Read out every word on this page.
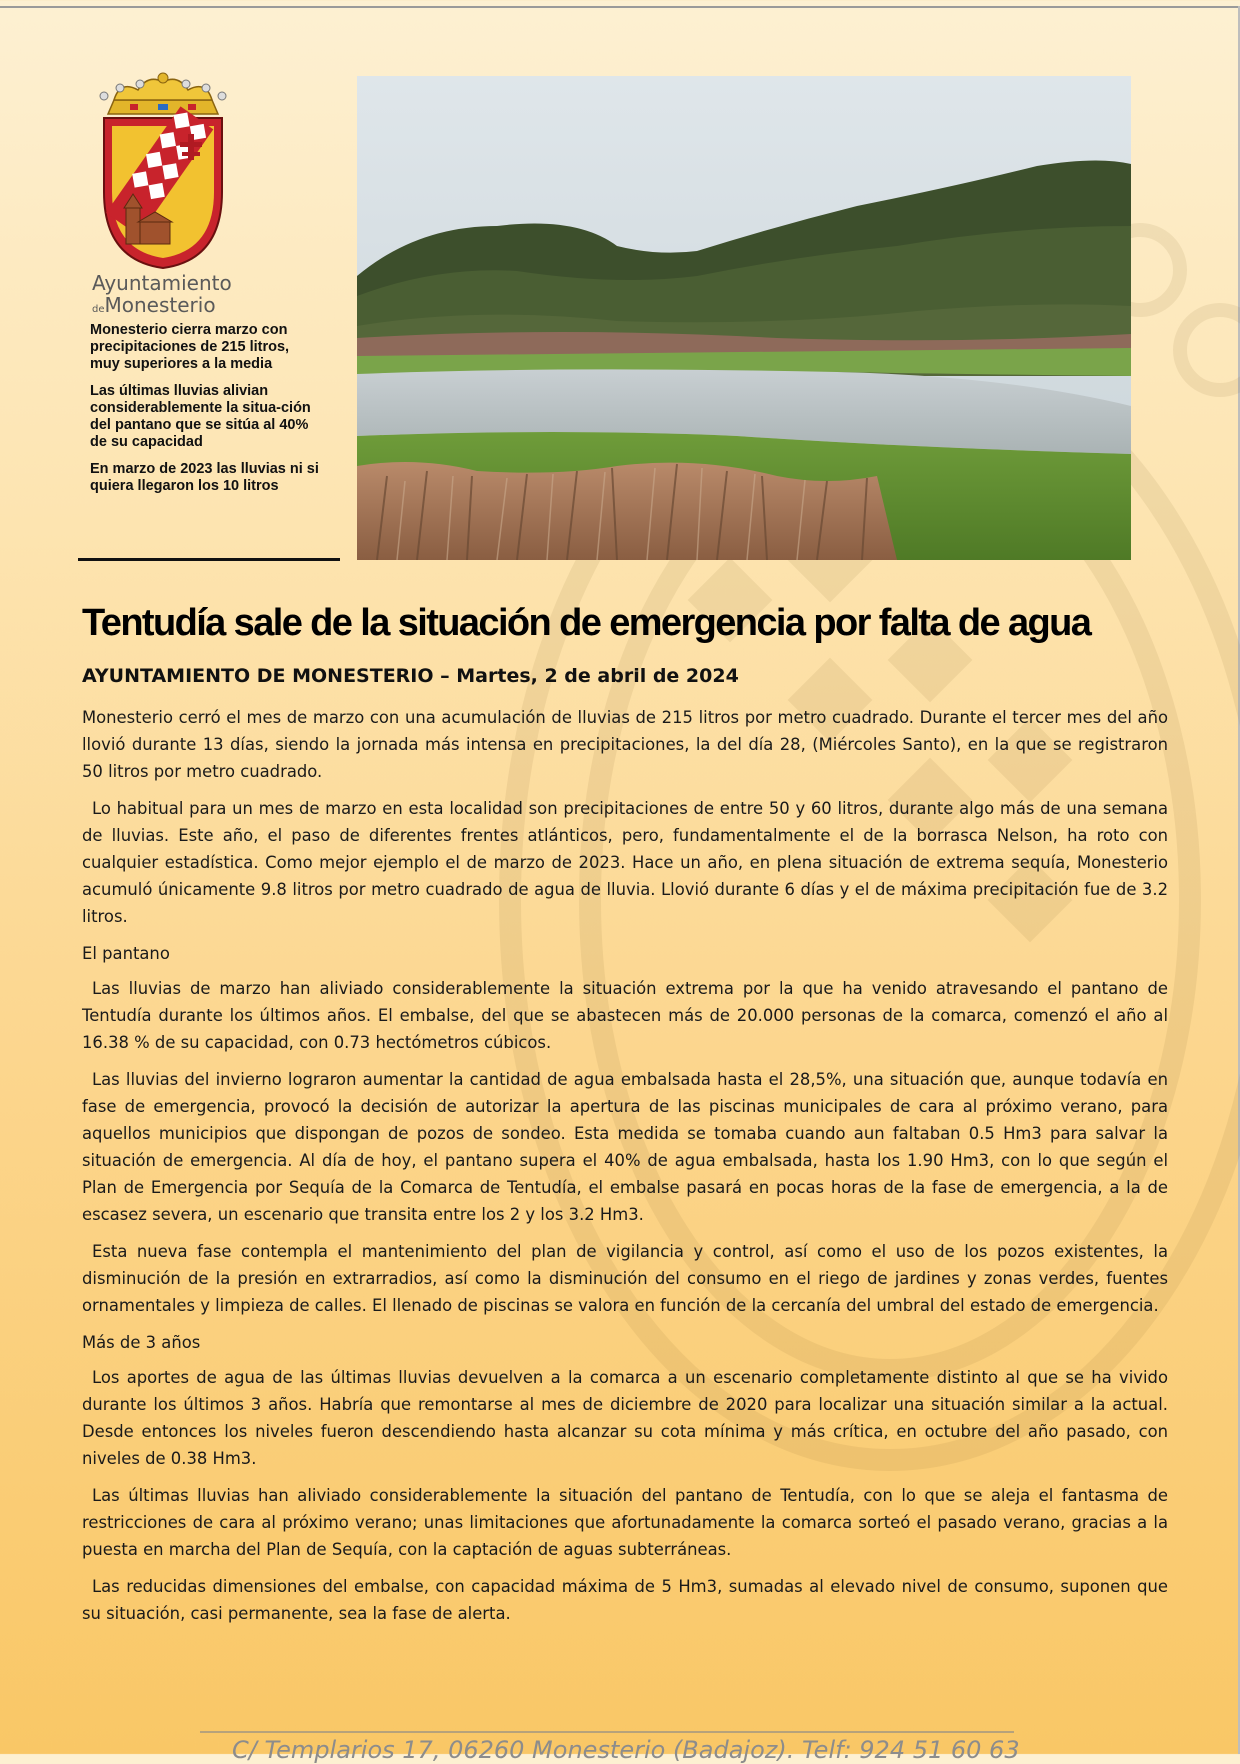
Ayuntamiento
deMonesterio

Monesterio cierra marzo con precipitaciones de 215 litros, muy superiores a la media

Las últimas lluvias alivian considerablemente la situa-ción del pantano que se sitúa al 40% de su capacidad

En marzo de 2023 las lluvias ni si quiera llegaron los 10 litros

Tentudía sale de la situación de emergencia por falta de agua
AYUNTAMIENTO DE MONESTERIO – Martes, 2 de abril de 2024

Monesterio cerró el mes de marzo con una acumulación de lluvias de 215 litros por metro cuadrado. Durante el tercer mes del año llovió durante 13 días, siendo la jornada más intensa en precipitaciones, la del día 28, (Miércoles Santo), en la que se registraron 50 litros por metro cuadrado.

Lo habitual para un mes de marzo en esta localidad son precipitaciones de entre 50 y 60 litros, durante algo más de una semana de lluvias. Este año, el paso de diferentes frentes atlánticos, pero, fundamentalmente el de la borrasca Nelson, ha roto con cualquier estadística. Como mejor ejemplo el de marzo de 2023. Hace un año, en plena situación de extrema sequía, Monesterio acumuló únicamente 9.8 litros por metro cuadrado de agua de lluvia. Llovió durante 6 días y el de máxima precipitación fue de 3.2 litros.

El pantano

Las lluvias de marzo han aliviado considerablemente la situación extrema por la que ha venido atravesando el pantano de Tentudía durante los últimos años. El embalse, del que se abastecen más de 20.000 personas de la comarca, comenzó el año al 16.38 % de su capacidad, con 0.73 hectómetros cúbicos.

Las lluvias del invierno lograron aumentar la cantidad de agua embalsada hasta el 28,5%, una situación que, aunque todavía en fase de emergencia, provocó la decisión de autorizar la apertura de las piscinas municipales de cara al próximo verano, para aquellos municipios que dispongan de pozos de sondeo. Esta medida se tomaba cuando aun faltaban 0.5 Hm3 para salvar la situación de emergencia. Al día de hoy, el pantano supera el 40% de agua embalsada, hasta los 1.90 Hm3, con lo que según el Plan de Emergencia por Sequía de la Comarca de Tentudía, el embalse pasará en pocas horas de la fase de emergencia, a la de escasez severa, un escenario que transita entre los 2 y los 3.2 Hm3.

Esta nueva fase contempla el mantenimiento del plan de vigilancia y control, así como el uso de los pozos existentes, la disminución de la presión en extrarradios, así como la disminución del consumo en el riego de jardines y zonas verdes, fuentes ornamentales y limpieza de calles. El llenado de piscinas se valora en función de la cercanía del umbral del estado de emergencia.

Más de 3 años

Los aportes de agua de las últimas lluvias devuelven a la comarca a un escenario completamente distinto al que se ha vivido durante los últimos 3 años. Habría que remontarse al mes de diciembre de 2020 para localizar una situación similar a la actual. Desde entonces los niveles fueron descendiendo hasta alcanzar su cota mínima y más crítica, en octubre del año pasado, con niveles de 0.38 Hm3.

Las últimas lluvias han aliviado considerablemente la situación del pantano de Tentudía, con lo que se aleja el fantasma de restricciones de cara al próximo verano; unas limitaciones que afortunadamente la comarca sorteó el pasado verano, gracias a la puesta en marcha del Plan de Sequía, con la captación de aguas subterráneas.

Las reducidas dimensiones del embalse, con capacidad máxima de 5 Hm3, sumadas al elevado nivel de consumo, suponen que su situación, casi permanente, sea la fase de alerta.

C/ Templarios 17, 06260 Monesterio (Badajoz). Telf: 924 51 60 63
